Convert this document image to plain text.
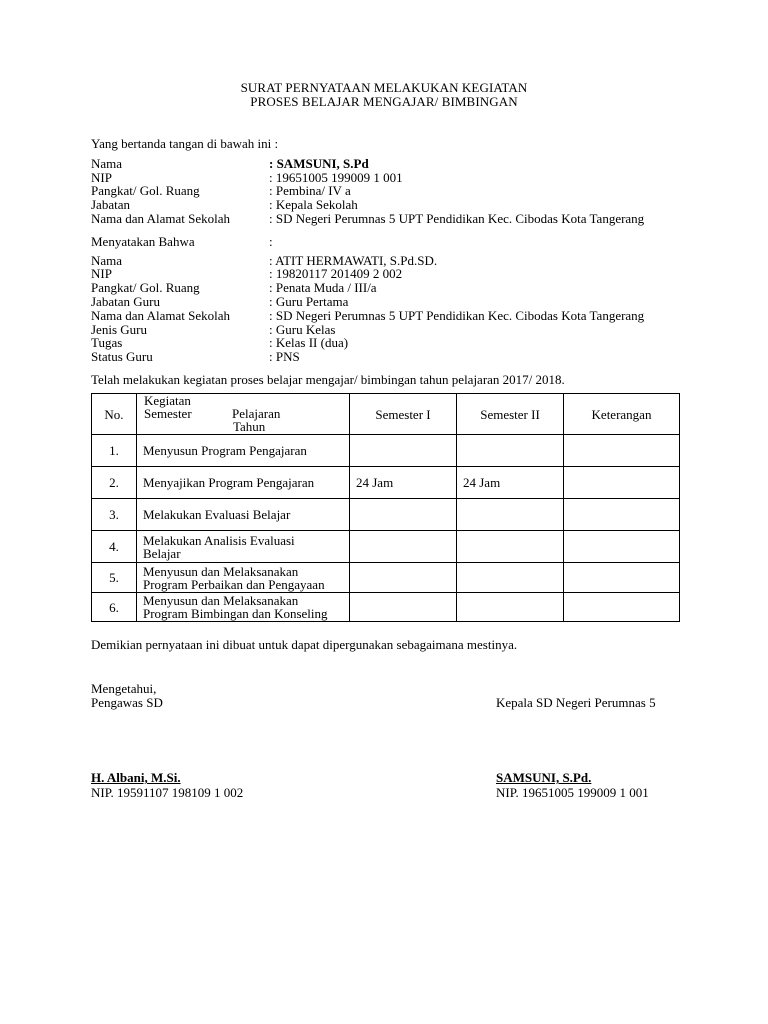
SURAT PERNYATAAN MELAKUKAN KEGIATAN
PROSES BELAJAR MENGAJAR/ BIMBINGAN
Yang bertanda tangan di bawah ini :
Nama	: SAMSUNI, S.Pd
NIP	: 19651005 199009 1 001
Pangkat/ Gol. Ruang	: Pembina/ IV a
Jabatan	: Kepala Sekolah
Nama dan Alamat Sekolah	: SD Negeri Perumnas 5 UPT Pendidikan Kec. Cibodas Kota Tangerang
Menyatakan Bahwa	:
Nama	: ATIT HERMAWATI, S.Pd.SD.
NIP	: 19820117 201409 2 002
Pangkat/ Gol. Ruang	: Penata Muda / III/a
Jabatan Guru	: Guru Pertama
Nama dan Alamat Sekolah	: SD Negeri Perumnas 5 UPT Pendidikan Kec. Cibodas Kota Tangerang
Jenis Guru	: Guru Kelas
Tugas	: Kelas II (dua)
Status Guru	: PNS
Telah melakukan kegiatan proses belajar mengajar/ bimbingan tahun pelajaran 2017/ 2018.
No.	Kegiatan
Semester Pelajaran
Tahun	Semester I	Semester II	Keterangan
1.	Menyusun Program Pengajaran			
2.	Menyajikan Program Pengajaran	24 Jam	24 Jam	
3.	Melakukan Evaluasi Belajar			
4.	Melakukan Analisis Evaluasi
Belajar			

5.	Menyusun dan Melaksanakan
Program Perbaikan dan Pengayaan			

6.	Menyusun dan Melaksanakan
Program Bimbingan dan Konseling			

Demikian pernyataan ini dibuat untuk dapat dipergunakan sebagaimana mestinya.
Mengetahui,
Pengawas SD
H. Albani, M.Si.
NIP. 19591107 198109 1 002
Kepala SD Negeri Perumnas 5
SAMSUNI, S.Pd.
NIP. 19651005 199009 1 001
